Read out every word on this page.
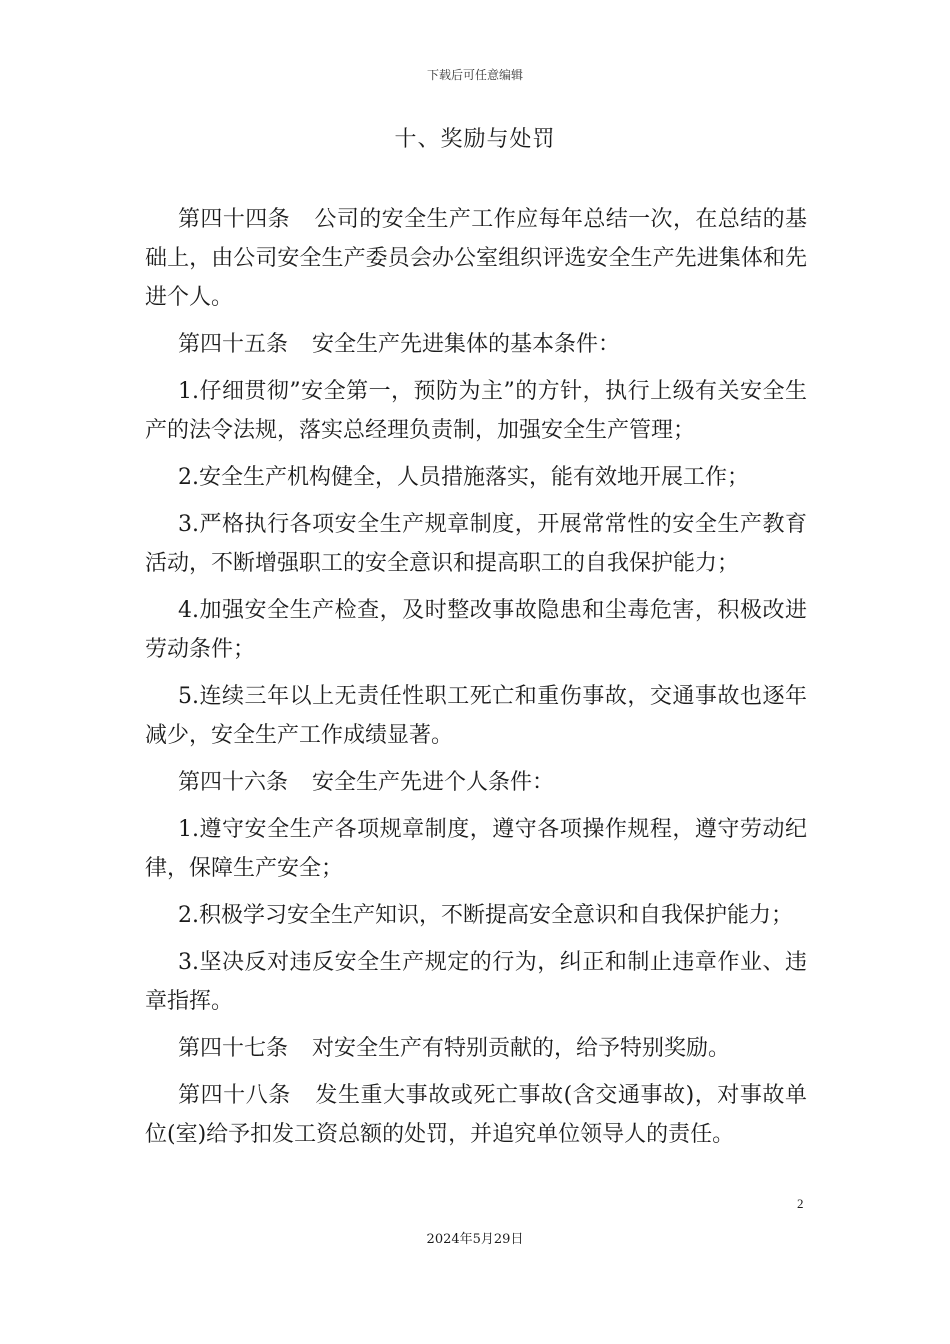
下载后可任意编辑
十、奖励与处罚

第四十四条 公司的安全生产工作应每年总结一次，在总结的基础上，由公司安全生产委员会办公室组织评选安全生产先进集体和先进个人。

第四十五条 安全生产先进集体的基本条件：

1.仔细贯彻”安全第一，预防为主”的方针，执行上级有关安全生产的法令法规，落实总经理负责制，加强安全生产管理；

2.安全生产机构健全，人员措施落实，能有效地开展工作；

3.严格执行各项安全生产规章制度，开展常常性的安全生产教育活动，不断增强职工的安全意识和提高职工的自我保护能力；

4.加强安全生产检查，及时整改事故隐患和尘毒危害，积极改进劳动条件；

5.连续三年以上无责任性职工死亡和重伤事故，交通事故也逐年减少，安全生产工作成绩显著。

第四十六条 安全生产先进个人条件：

1.遵守安全生产各项规章制度，遵守各项操作规程，遵守劳动纪律，保障生产安全；

2.积极学习安全生产知识，不断提高安全意识和自我保护能力；

3.坚决反对违反安全生产规定的行为，纠正和制止违章作业、违章指挥。

第四十七条 对安全生产有特别贡献的，给予特别奖励。

第四十八条 发生重大事故或死亡事故(含交通事故)，对事故单位(室)给予扣发工资总额的处罚，并追究单位领导人的责任。

2
2024年5月29日
